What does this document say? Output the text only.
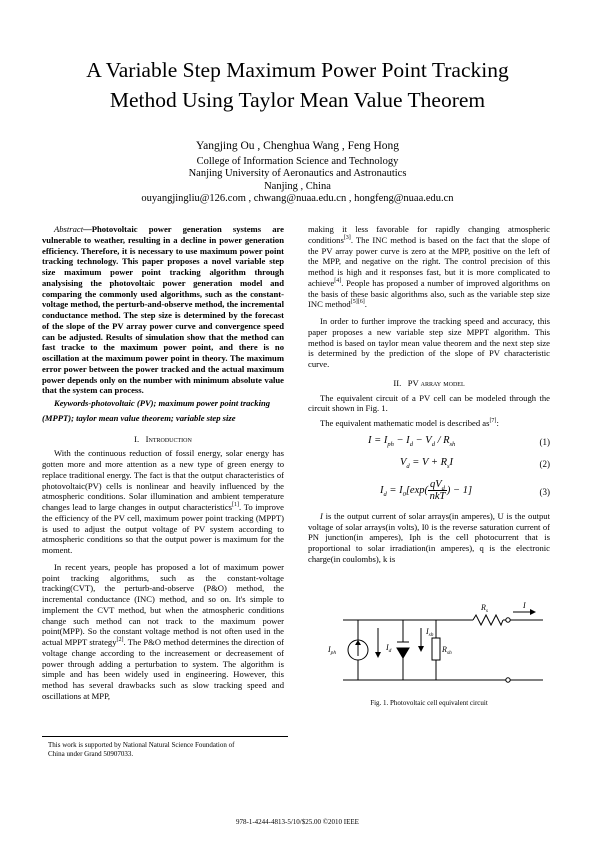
A Variable Step Maximum Power Point Tracking
Method Using Taylor Mean Value Theorem
Yangjing Ou , Chenghua Wang , Feng Hong
College of Information Science and Technology
Nanjing University of Aeronautics and Astronautics
Nanjing , China
ouyangjingliu@126.com , chwang@nuaa.edu.cn , hongfeng@nuaa.edu.cn

Abstract—Photovoltaic power generation systems are vulnerable to weather, resulting in a decline in power generation efficiency. Therefore, it is necessary to use maximum power point tracking technology. This paper proposes a novel variable step size maximum power point tracking algorithm through analysising the photovoltaic power generation model and comparing the commonly used algorithms, such as the constant-voltage method, the perturb-and-observe method, the incremental conductance method. The step size is determined by the forecast of the slope of the PV array power curve and convergence speed can be adjusted. Results of simulation show that the method can fast tracke to the maximum power point, and there is no oscillation at the maximum power point in theory. The maximum error power between the power tracked and the actual maximum power depends only on the number with minimum absolute value that the system can process.

Keywords-photovoltaic (PV); maximum power point tracking

(MPPT); taylor mean value theorem; variable step size

I. Introduction

With the continuous reduction of fossil energy, solar energy has gotten more and more attention as a new type of green energy to replace traditional energy. The fact is that the output characteristics of photovoltaic(PV) cells is nonlinear and heavily influenced by the atmospheric conditions. Solar illumination and ambient temperature changes lead to large changes in output characteristics[1]. To improve the efficiency of the PV cell, maximum power point tracking (MPPT) is used to adjust the output voltage of PV system according to atmospheric conditions so that the output power is maximum for the moment.

In recent years, people has proposed a lot of maximum power point tracking algorithms, such as the constant-voltage tracking(CVT), the perturb-and-observe (P&O) method, the incremental conductance (INC) method, and so on. It's simple to implement the CVT method, but when the atmospheric conditions change such method can not track to the maximum power point(MPP). So the constant voltage method is not often used in the actual MPPT strategy[2]. The P&O method determines the direction of voltage change according to the increasement or decreasement of power through adding a perturbation to system. The algorithm is simple and has been widely used in engineering. However, this method has several drawbacks such as slow tracking speed and oscillations at MPP,

making it less favorable for rapidly changing atmospheric conditions[3]. The INC method is based on the fact that the slope of the PV array power curve is zero at the MPP, positive on the left of the MPP, and negative on the right. The control precision of this method is high and it responses fast, but it is more complicated to achieve[4]. People has proposed a number of improved algorithms on the basis of these basic algorithms also, such as the variable step size INC method[5][6].

In order to further improve the tracking speed and accuracy, this paper proposes a new variable step size MPPT algorithm. This method is based on taylor mean value theorem and the next step size is determined by the prediction of the slope of PV characteristic curve.

II. PV array model

The equivalent circuit of a PV cell can be modeled through the circuit shown in Fig. 1.

The equivalent mathematic model is described as[7]:

$I = I_{ph} - I_d - V_d / R_{sh}$	(1)
$V_d = V + R_sI$	(2)
$I_d = I_0[\exp( \frac{qV_d}{\text{nkT}}$ ) − 1]	(3)

I is the output current of solar arrays(in amperes), U is the output voltage of solar arrays(in volts), I0 is the reverse saturation current of PN junction(in amperes), Iph is the cell photocurrent that is proportional to solar irradiation(in amperes), q is the electronic charge(in coulombs), k is

$I_{ph}$
$I_d$
$I_{sh}$
$R_{sh}$
$R_s$
I
Fig. 1. Photovoltaic cell equivalent circuit
This work is supported by National Natural Science Foundation of
China under Grand 50907033.
978-1-4244-4813-5/10/$25.00 ©2010 IEEE
